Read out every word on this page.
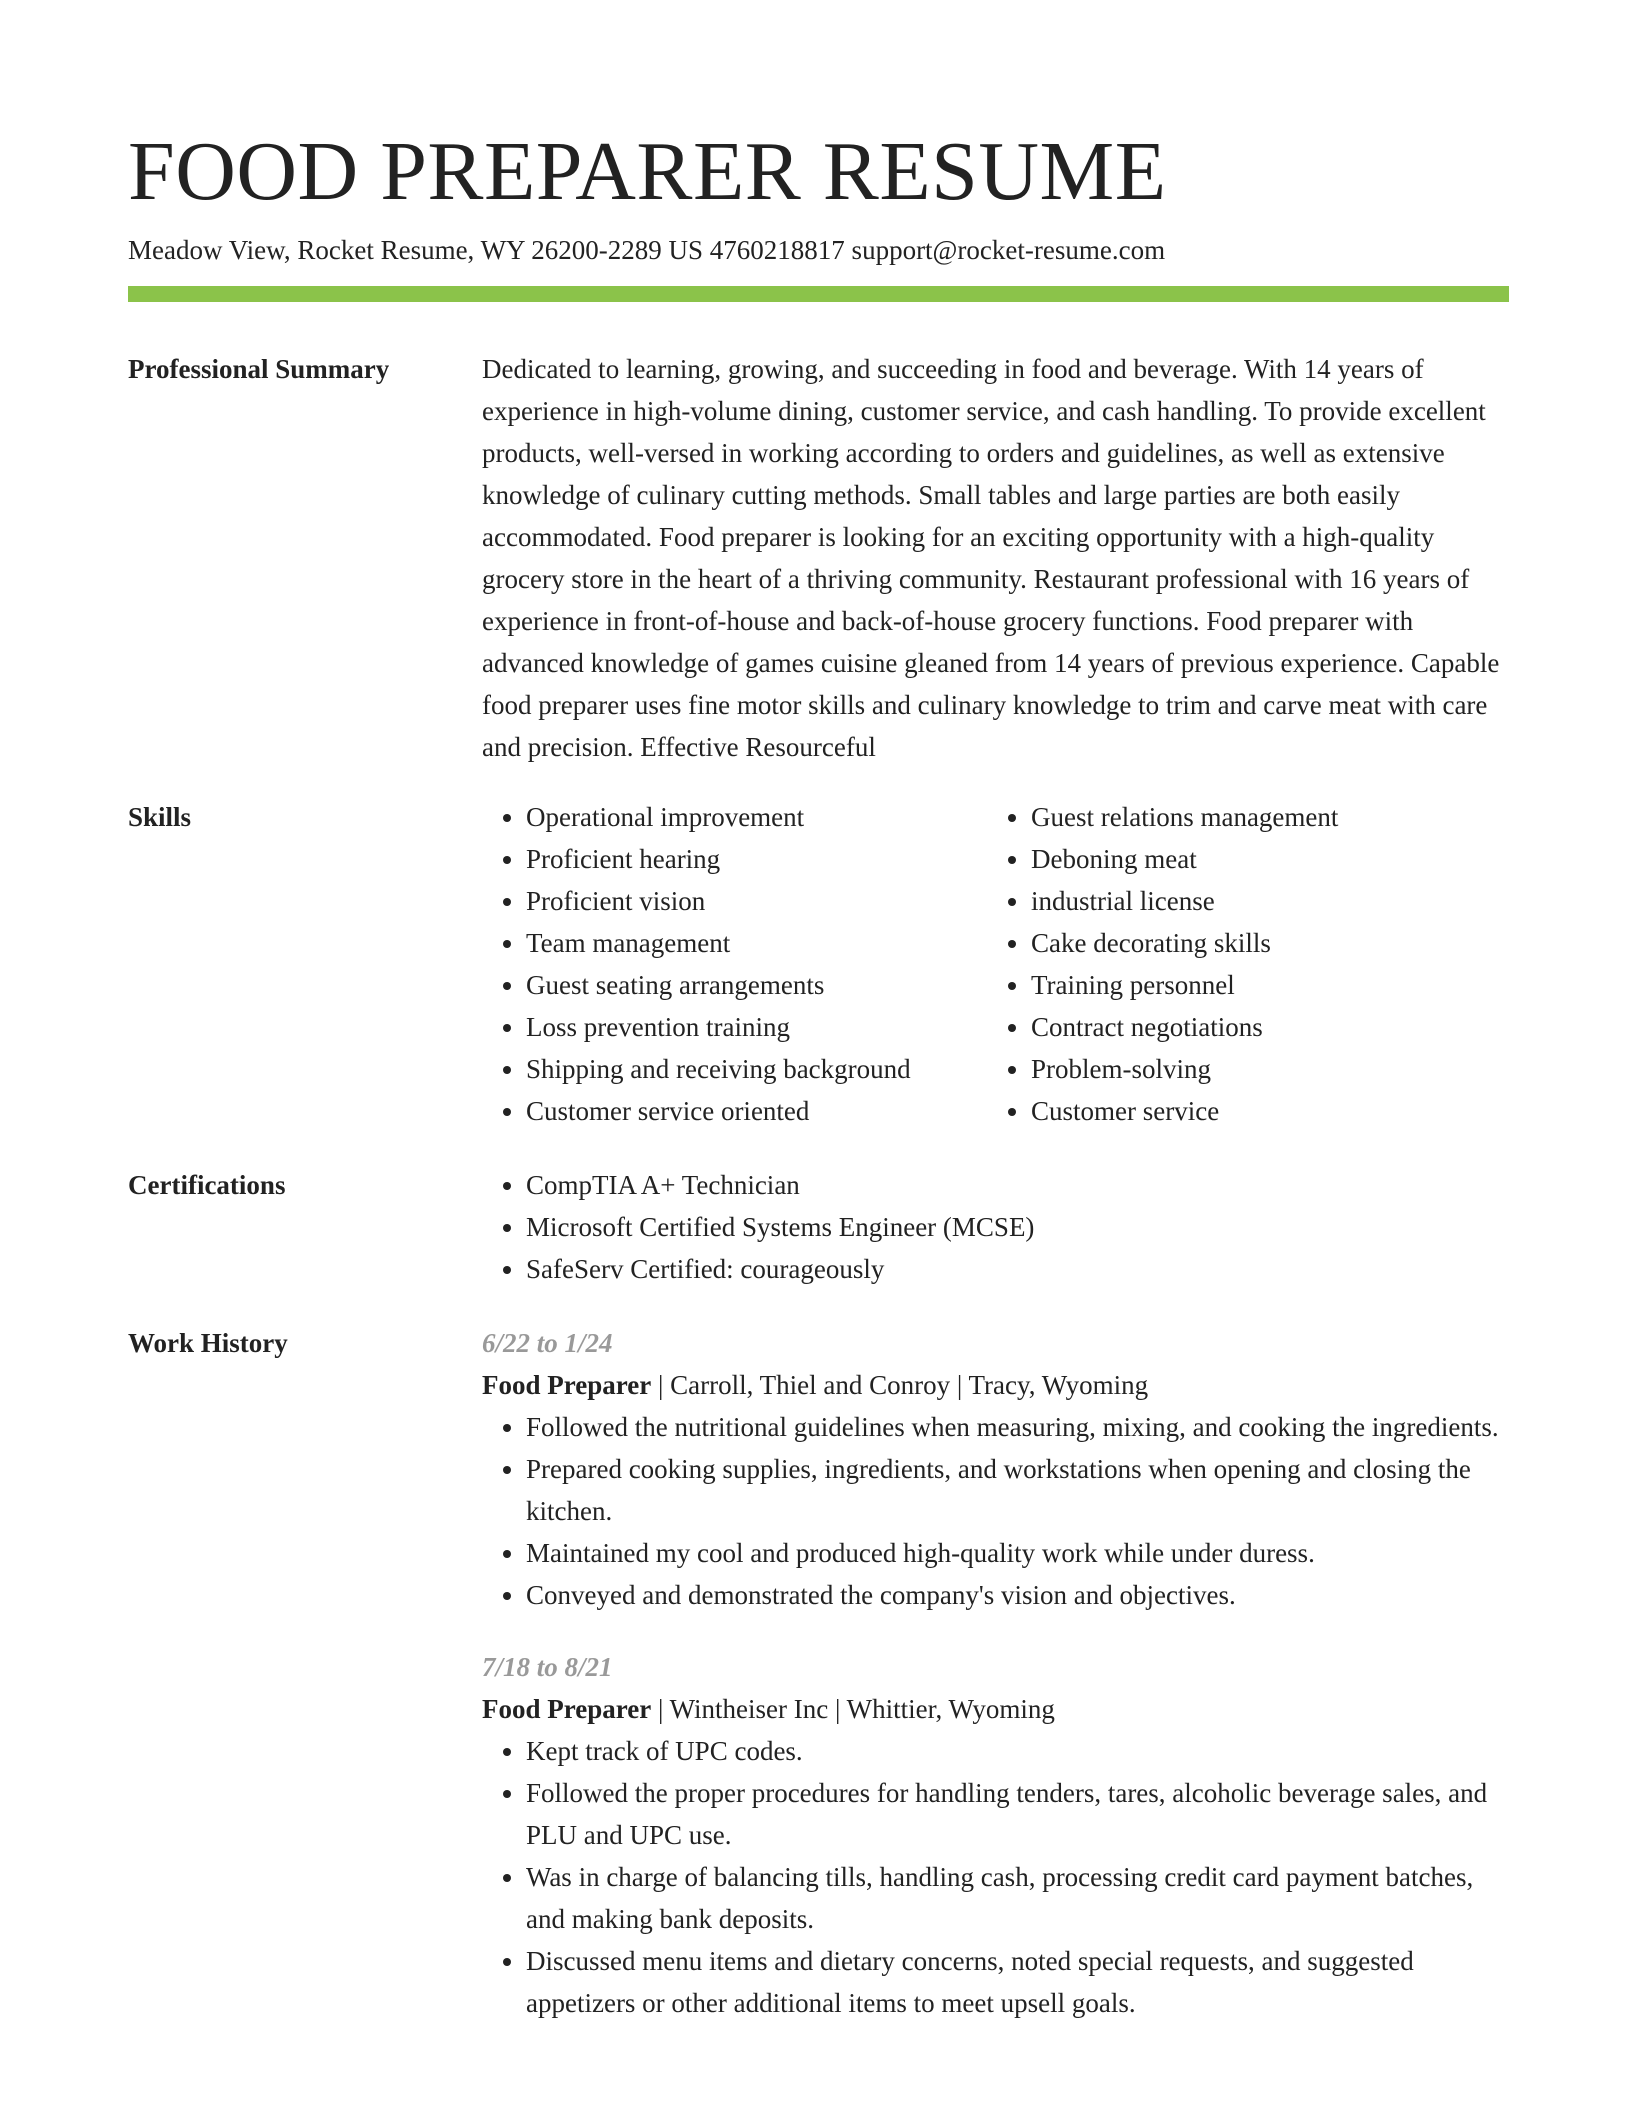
FOOD PREPARER RESUME
Meadow View, Rocket Resume, WY 26200-2289 US 4760218817 support@rocket-resume.com
Professional Summary	Dedicated to learning, growing, and succeeding in food and beverage. With 14 years of experience in high-volume dining, customer service, and cash handling. To provide excellent products, well-versed in working according to orders and guidelines, as well as extensive knowledge of culinary cutting methods. Small tables and large parties are both easily accommodated. Food preparer is looking for an exciting opportunity with a high-quality grocery store in the heart of a thriving community. Restaurant professional with 16 years of experience in front-of-house and back-of-house grocery functions. Food preparer with advanced knowledge of games cuisine gleaned from 14 years of previous experience. Capable food preparer uses fine motor skills and culinary knowledge to trim and carve meat with care and precision. Effective Resourceful

Skills	• Operational improvement
• Proficient hearing
• Proficient vision
• Team management
• Guest seating arrangements
• Loss prevention training
• Shipping and receiving background
• Customer service oriented
• Guest relations management
• Deboning meat
• industrial license
• Cake decorating skills
• Training personnel
• Contract negotiations
• Problem-solving
• Customer service
Certifications	• CompTIA A+ Technician
• Microsoft Certified Systems Engineer (MCSE)
• SafeServ Certified: courageously
Work History	6/22 to 1/24
Food Preparer | Carroll, Thiel and Conroy | Tracy, Wyoming
• Followed the nutritional guidelines when measuring, mixing, and cooking the ingredients.
• Prepared cooking supplies, ingredients, and workstations when opening and closing the kitchen.
• Maintained my cool and produced high-quality work while under duress.
• Conveyed and demonstrated the company's vision and objectives.
7/18 to 8/21
Food Preparer | Wintheiser Inc | Whittier, Wyoming
• Kept track of UPC codes.
• Followed the proper procedures for handling tenders, tares, alcoholic beverage sales, and PLU and UPC use.
• Was in charge of balancing tills, handling cash, processing credit card payment batches, and making bank deposits.
• Discussed menu items and dietary concerns, noted special requests, and suggested appetizers or other additional items to meet upsell goals.
